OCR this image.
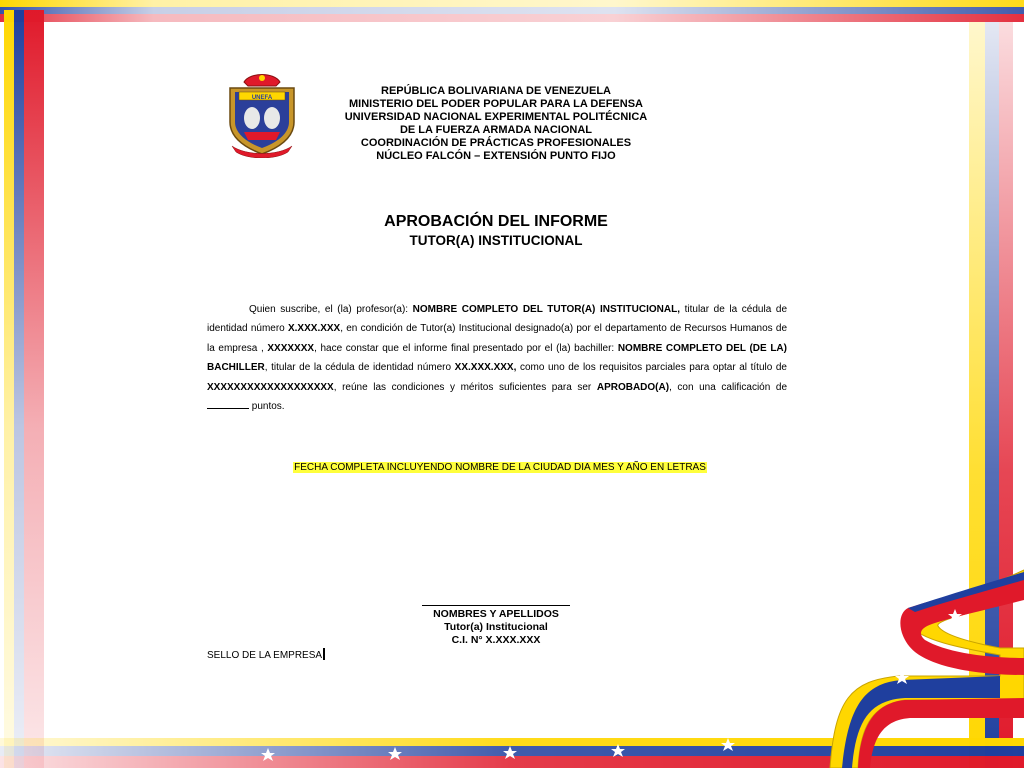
UNEFA
REPÚBLICA BOLIVARIANA DE VENEZUELA
MINISTERIO DEL PODER POPULAR PARA LA DEFENSA
UNIVERSIDAD NACIONAL EXPERIMENTAL POLITÉCNICA
DE LA FUERZA ARMADA NACIONAL
COORDINACIÓN DE PRÁCTICAS PROFESIONALES
NÚCLEO FALCÓN – EXTENSIÓN PUNTO FIJO
APROBACIÓN DEL INFORME
TUTOR(A) INSTITUCIONAL
Quien suscribe, el (la) profesor(a): NOMBRE COMPLETO DEL TUTOR(A) INSTITUCIONAL, titular de la cédula de identidad número X.XXX.XXX, en condición de Tutor(a) Institucional designado(a) por el departamento de Recursos Humanos de la empresa , XXXXXXX, hace constar que el informe final presentado por el (la) bachiller: NOMBRE COMPLETO DEL (DE LA) BACHILLER, titular de la cédula de identidad número XX.XXX.XXX, como uno de los requisitos parciales para optar al título de XXXXXXXXXXXXXXXXXXX, reúne las condiciones y méritos suficientes para ser APROBADO(A), con una calificación de  puntos.
FECHA COMPLETA INCLUYENDO NOMBRE DE LA CIUDAD DIA MES Y AÑO EN LETRAS
NOMBRES Y APELLIDOS
Tutor(a) Institucional
C.I. N° X.XXX.XXX
SELLO DE LA EMPRESA
